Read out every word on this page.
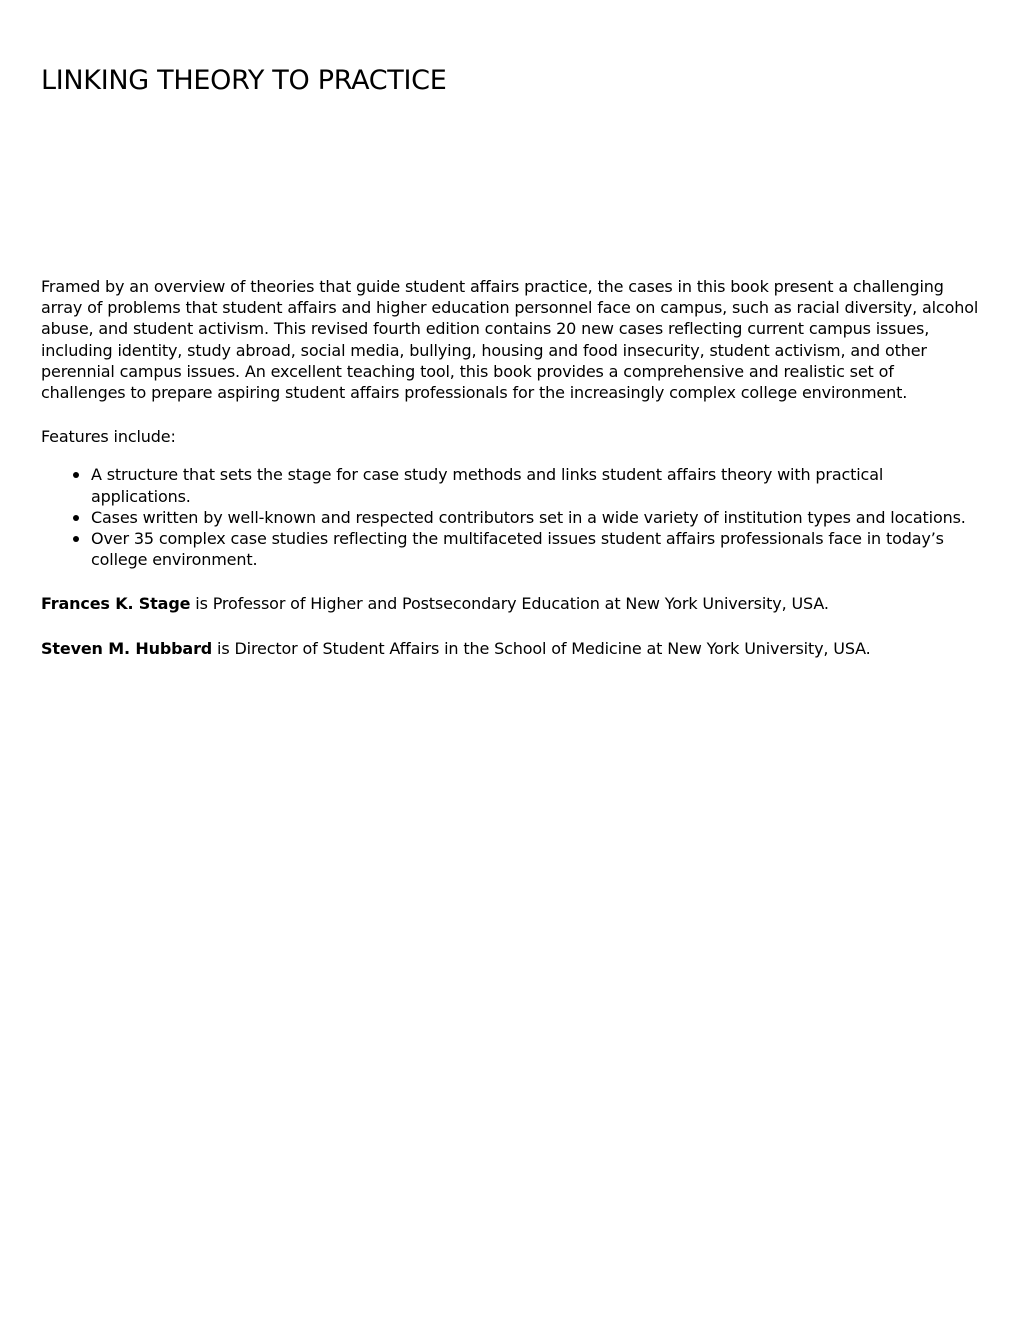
LINKING THEORY TO PRACTICE

Framed by an overview of theories that guide student affairs practice, the cases in this book present a challenging array of problems that student affairs and higher education personnel face on campus, such as racial diversity, alcohol abuse, and student activism. This revised fourth edition contains 20 new cases reflecting current campus issues, including identity, study abroad, social media, bullying, housing and food insecurity, student activism, and other perennial campus issues. An excellent teaching tool, this book provides a comprehensive and realistic set of challenges to prepare aspiring student affairs professionals for the increasingly complex college environment.

Features include:

A structure that sets the stage for case study methods and links student affairs theory with practical applications.
Cases written by well-known and respected contributors set in a wide variety of institution types and locations.
Over 35 complex case studies reflecting the multifaceted issues student affairs professionals face in today’s college environment.

Frances K. Stage is Professor of Higher and Postsecondary Education at New York University, USA.

Steven M. Hubbard is Director of Student Affairs in the School of Medicine at New York University, USA.
